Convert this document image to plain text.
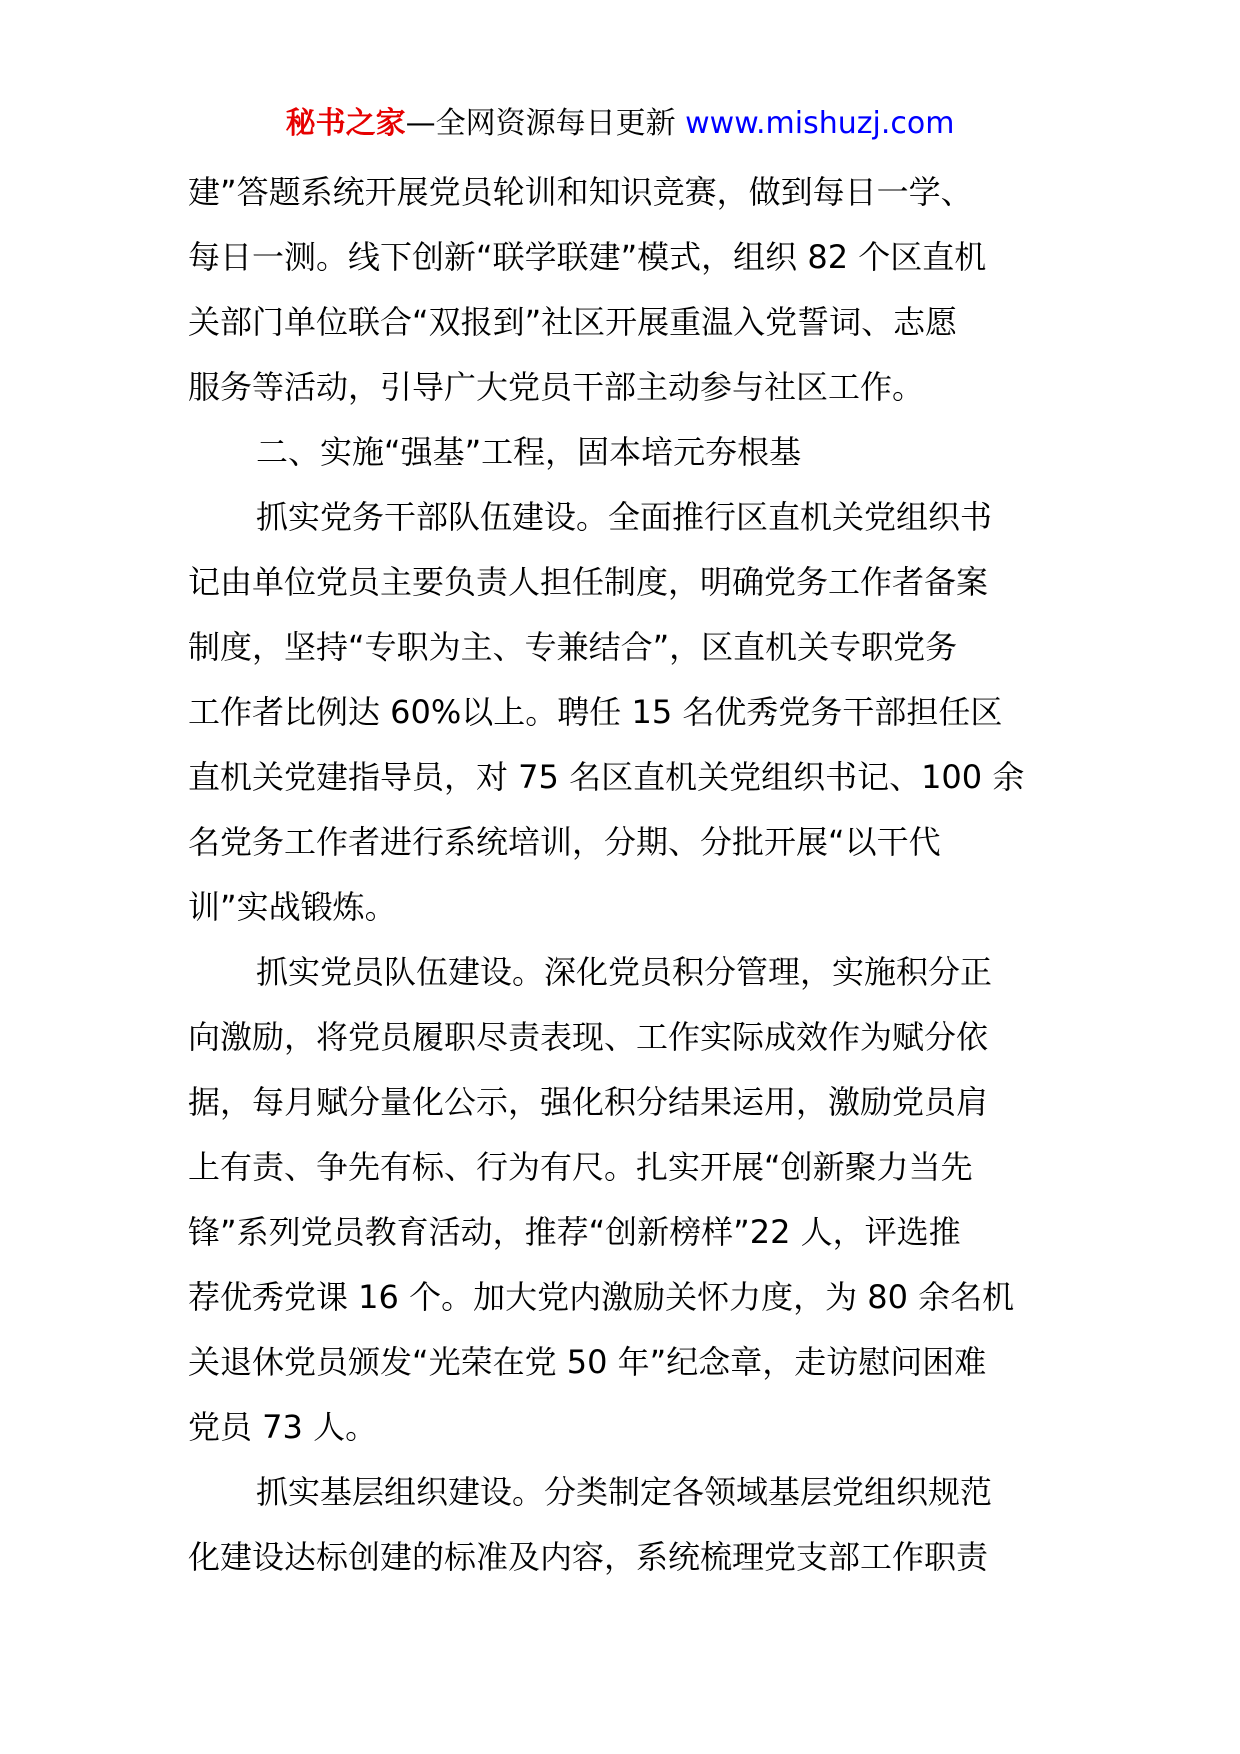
秘书之家—全网资源每日更新 www.mishuzj.com
建”答题系统开展党员轮训和知识竞赛，做到每日一学、
每日一测。线下创新“联学联建”模式，组织 82 个区直机
关部门单位联合“双报到”社区开展重温入党誓词、志愿
服务等活动，引导广大党员干部主动参与社区工作。
二、实施“强基”工程，固本培元夯根基
抓实党务干部队伍建设。全面推行区直机关党组织书
记由单位党员主要负责人担任制度，明确党务工作者备案
制度，坚持“专职为主、专兼结合”，区直机关专职党务
工作者比例达 60%以上。聘任 15 名优秀党务干部担任区
直机关党建指导员，对 75 名区直机关党组织书记、100 余
名党务工作者进行系统培训，分期、分批开展“以干代
训”实战锻炼。
抓实党员队伍建设。深化党员积分管理，实施积分正
向激励，将党员履职尽责表现、工作实际成效作为赋分依
据，每月赋分量化公示，强化积分结果运用，激励党员肩
上有责、争先有标、行为有尺。扎实开展“创新聚力当先
锋”系列党员教育活动，推荐“创新榜样”22 人，评选推
荐优秀党课 16 个。加大党内激励关怀力度，为 80 余名机
关退休党员颁发“光荣在党 50 年”纪念章，走访慰问困难
党员 73 人。
抓实基层组织建设。分类制定各领域基层党组织规范
化建设达标创建的标准及内容，系统梳理党支部工作职责
